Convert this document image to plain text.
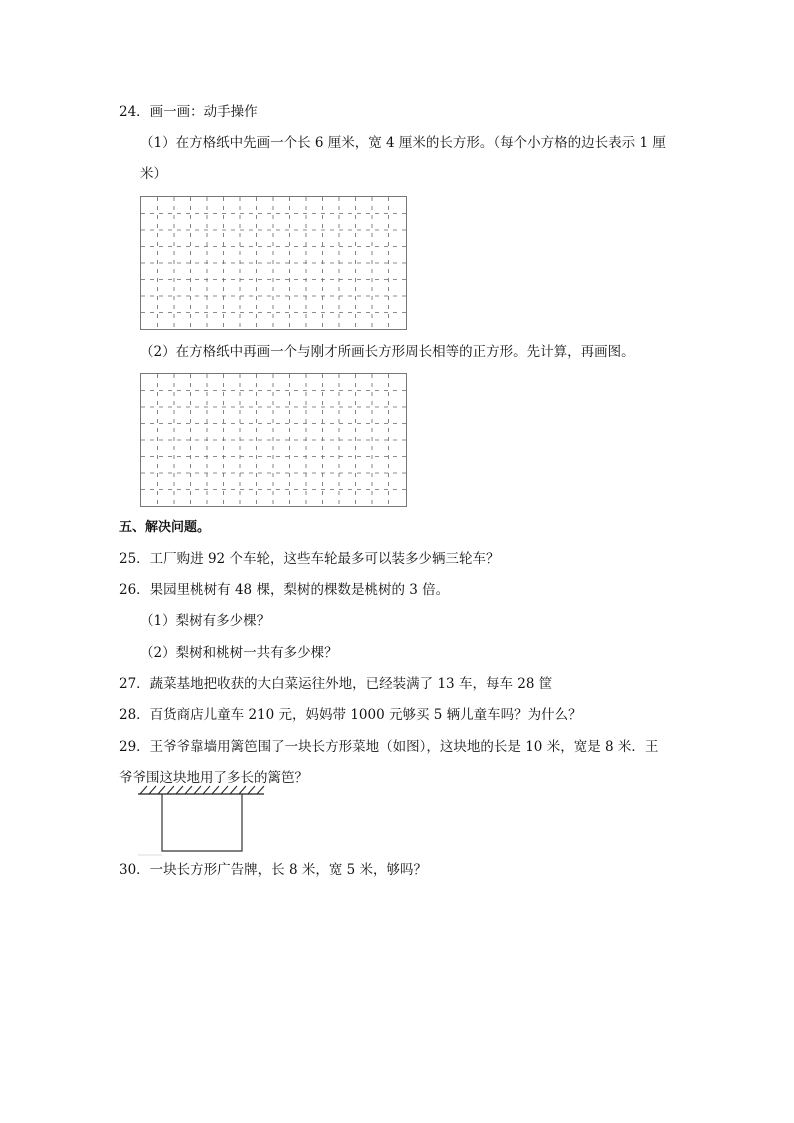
24．画一画：动手操作
（1）在方格纸中先画一个长 6 厘米，宽 4 厘米的长方形。（每个小方格的边长表示 1 厘
米）
（2）在方格纸中再画一个与刚才所画长方形周长相等的正方形。先计算，再画图。
五、解决问题。
25．工厂购进 92 个车轮，这些车轮最多可以装多少辆三轮车？
26．果园里桃树有 48 棵，梨树的棵数是桃树的 3 倍。
（1）梨树有多少棵？
（2）梨树和桃树一共有多少棵？
27．蔬菜基地把收获的大白菜运往外地，已经装满了 13 车，每车 28 筐
28．百货商店儿童车 210 元，妈妈带 1000 元够买 5 辆儿童车吗？为什么？
29．王爷爷靠墙用篱笆围了一块长方形菜地（如图），这块地的长是 10 米，宽是 8 米．王
爷爷围这块地用了多长的篱笆？
30．一块长方形广告牌，长 8 米，宽 5 米，够吗？
